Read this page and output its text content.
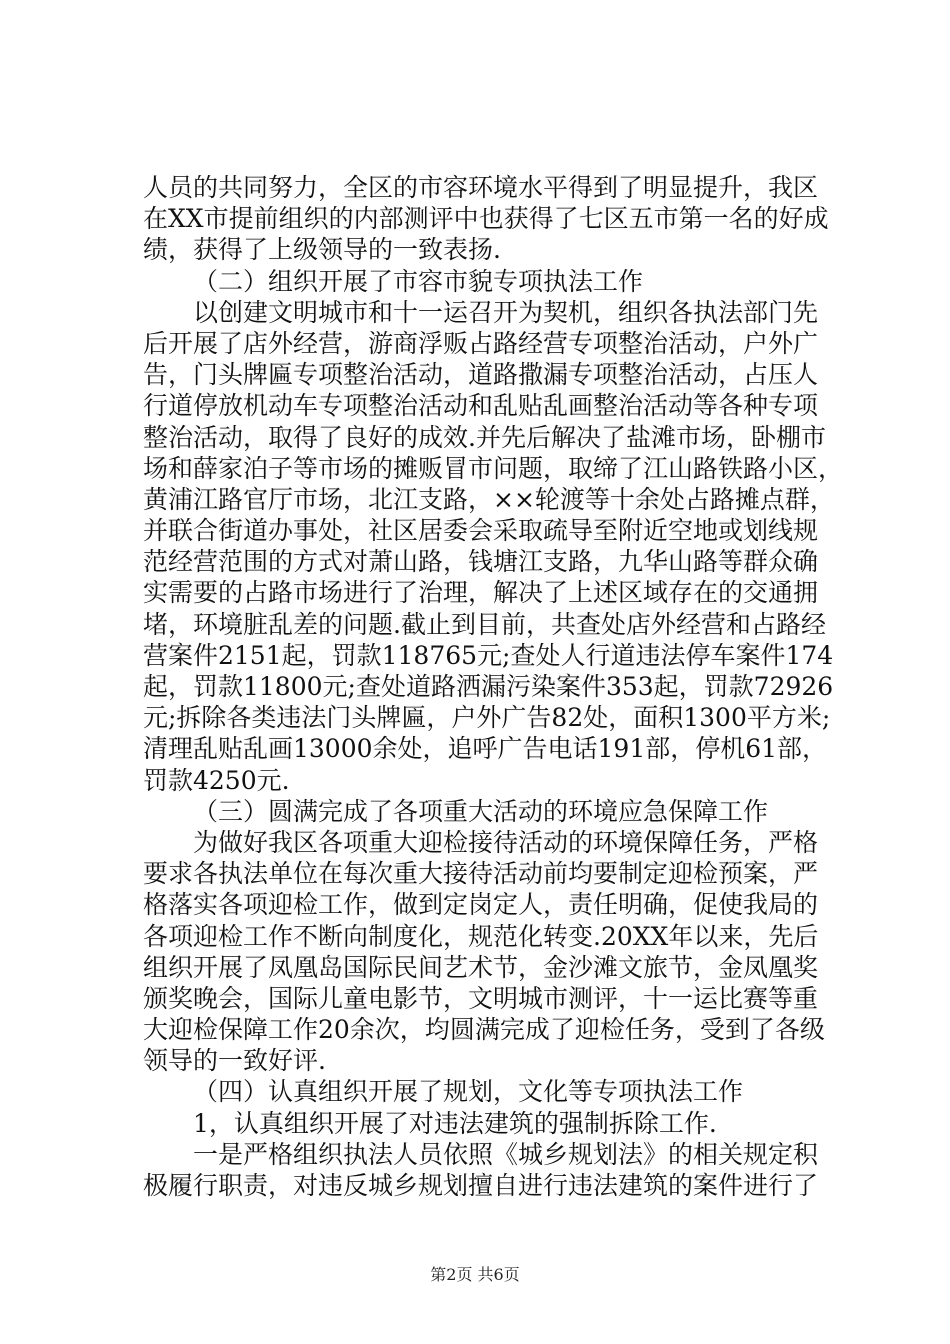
人员的共同努力，全区的市容环境水平得到了明显提升，我区
在XX市提前组织的内部测评中也获得了七区五市第一名的好成
绩，获得了上级领导的一致表扬.
（二）组织开展了市容市貌专项执法工作
以创建文明城市和十一运召开为契机，组织各执法部门先
后开展了店外经营，游商浮贩占路经营专项整治活动，户外广
告，门头牌匾专项整治活动，道路撒漏专项整治活动，占压人
行道停放机动车专项整治活动和乱贴乱画整治活动等各种专项
整治活动，取得了良好的成效.并先后解决了盐滩市场，卧棚市
场和薛家泊子等市场的摊贩冒市问题，取缔了江山路铁路小区，
黄浦江路官厅市场，北江支路，××轮渡等十余处占路摊点群，
并联合街道办事处，社区居委会采取疏导至附近空地或划线规
范经营范围的方式对萧山路，钱塘江支路，九华山路等群众确
实需要的占路市场进行了治理，解决了上述区域存在的交通拥
堵，环境脏乱差的问题.截止到目前，共查处店外经营和占路经
营案件2151起，罚款118765元;查处人行道违法停车案件174
起，罚款11800元;查处道路洒漏污染案件353起，罚款72926
元;拆除各类违法门头牌匾，户外广告82处，面积1300平方米;
清理乱贴乱画13000余处，追呼广告电话191部，停机61部，
罚款4250元.
（三）圆满完成了各项重大活动的环境应急保障工作
为做好我区各项重大迎检接待活动的环境保障任务，严格
要求各执法单位在每次重大接待活动前均要制定迎检预案，严
格落实各项迎检工作，做到定岗定人，责任明确，促使我局的
各项迎检工作不断向制度化，规范化转变.20XX年以来，先后
组织开展了凤凰岛国际民间艺术节，金沙滩文旅节，金凤凰奖
颁奖晚会，国际儿童电影节，文明城市测评，十一运比赛等重
大迎检保障工作20余次，均圆满完成了迎检任务，受到了各级
领导的一致好评.
（四）认真组织开展了规划，文化等专项执法工作
1，认真组织开展了对违法建筑的强制拆除工作.
一是严格组织执法人员依照《城乡规划法》的相关规定积
极履行职责，对违反城乡规划擅自进行违法建筑的案件进行了
第2页 共6页
